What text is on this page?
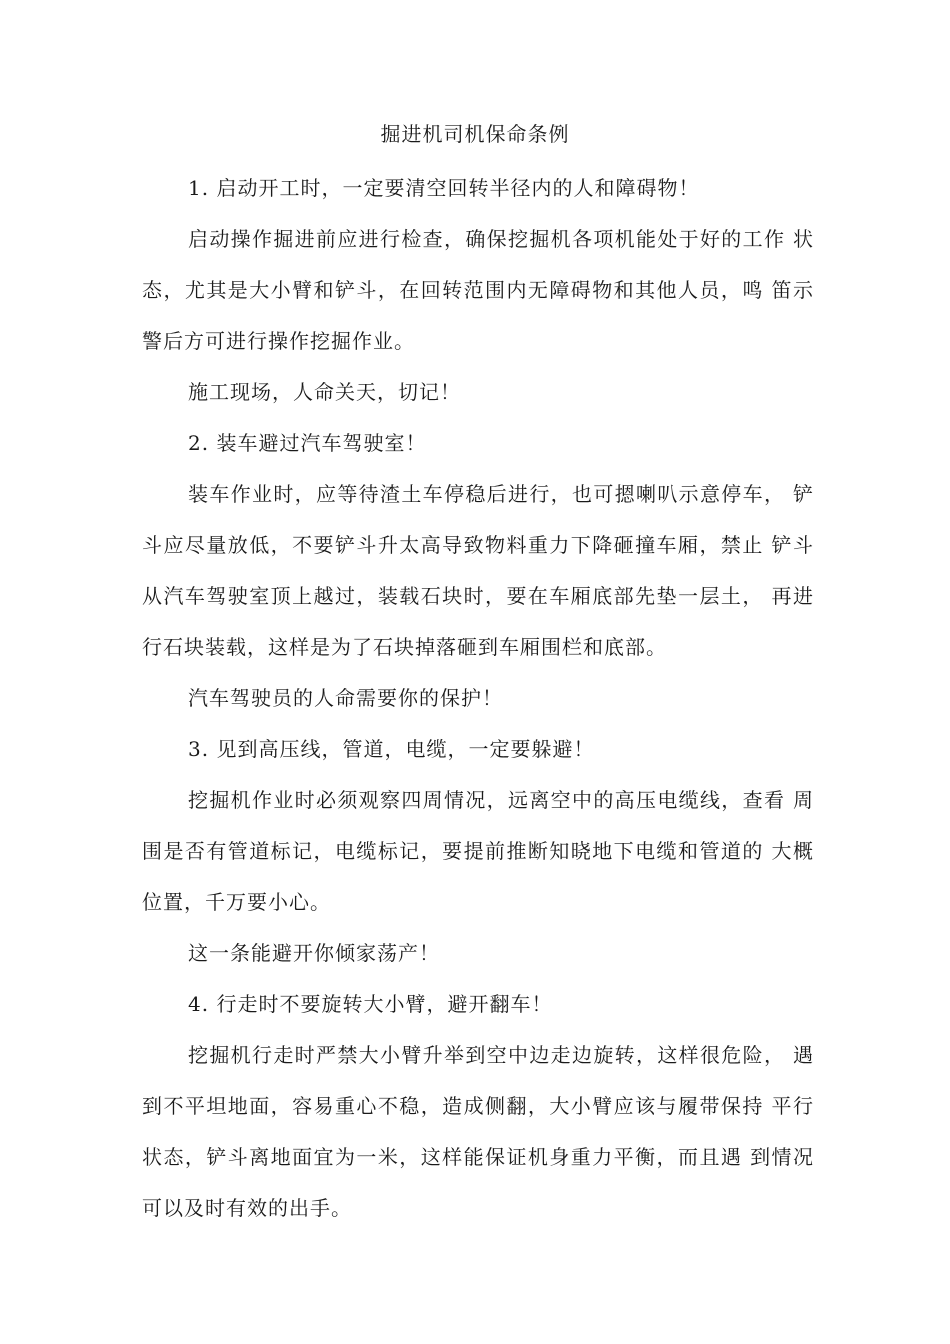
掘进机司机保命条例

1. 启动开工时，一定要清空回转半径内的人和障碍物！

启动操作掘进前应进行检查，确保挖掘机各项机能处于好的工作 状态，尤其是大小臂和铲斗，在回转范围内无障碍物和其他人员，鸣 笛示警后方可进行操作挖掘作业。

施工现场，人命关天，切记！

2. 装车避过汽车驾驶室！

装车作业时，应等待渣土车停稳后进行，也可摁喇叭示意停车， 铲斗应尽量放低，不要铲斗升太高导致物料重力下降砸撞车厢，禁止 铲斗从汽车驾驶室顶上越过，装载石块时，要在车厢底部先垫一层土， 再进行石块装载，这样是为了石块掉落砸到车厢围栏和底部。

汽车驾驶员的人命需要你的保护！

3. 见到高压线，管道，电缆，一定要躲避！

挖掘机作业时必须观察四周情况，远离空中的高压电缆线，查看 周围是否有管道标记，电缆标记，要提前推断知晓地下电缆和管道的 大概位置，千万要小心。

这一条能避开你倾家荡产！

4. 行走时不要旋转大小臂，避开翻车！

挖掘机行走时严禁大小臂升举到空中边走边旋转，这样很危险， 遇到不平坦地面，容易重心不稳，造成侧翻，大小臂应该与履带保持 平行状态，铲斗离地面宜为一米，这样能保证机身重力平衡，而且遇 到情况可以及时有效的出手。
